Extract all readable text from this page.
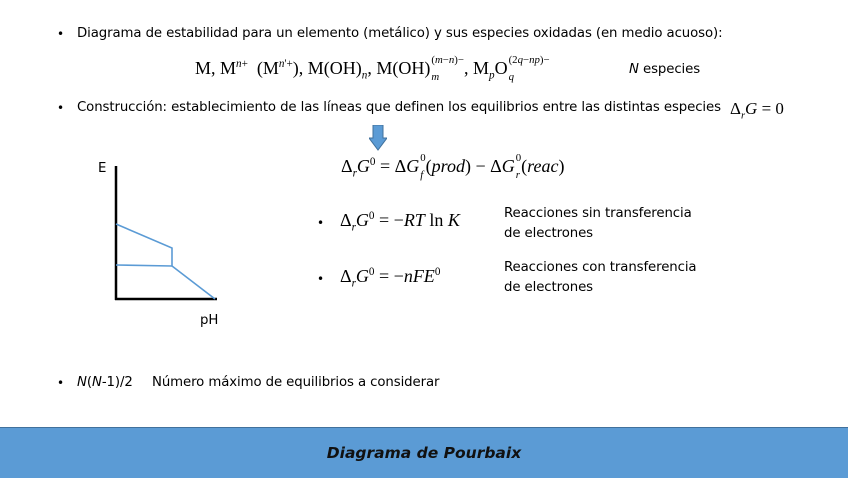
• Diagrama de estabilidad para un elemento (metálico) y sus especies oxidadas (en medio acuoso):
M, $M^{n+}$  $(M^{n'+})$, $M(OH)_n$, M(OH) (m−n)−
m	, $M_pO$ (2q−np)−
q	N especies
• Construcción: establecimiento de las líneas que definen los equilibrios entre las distintas especies $\Delta_rG = 0$
$\Delta_rG^0 = \Delta G$ 0
f (prod) − ΔG 0
r (reac)
• $\Delta_rG^0 = -RT$ ln K	Reacciones sin transferencia
de electrones
• $\Delta_rG^0 = -nFE^0$	Reacciones con transferencia
de electrones
E
pH
• N(N-1)/2 Número máximo de equilibrios a considerar
Diagrama de Pourbaix
